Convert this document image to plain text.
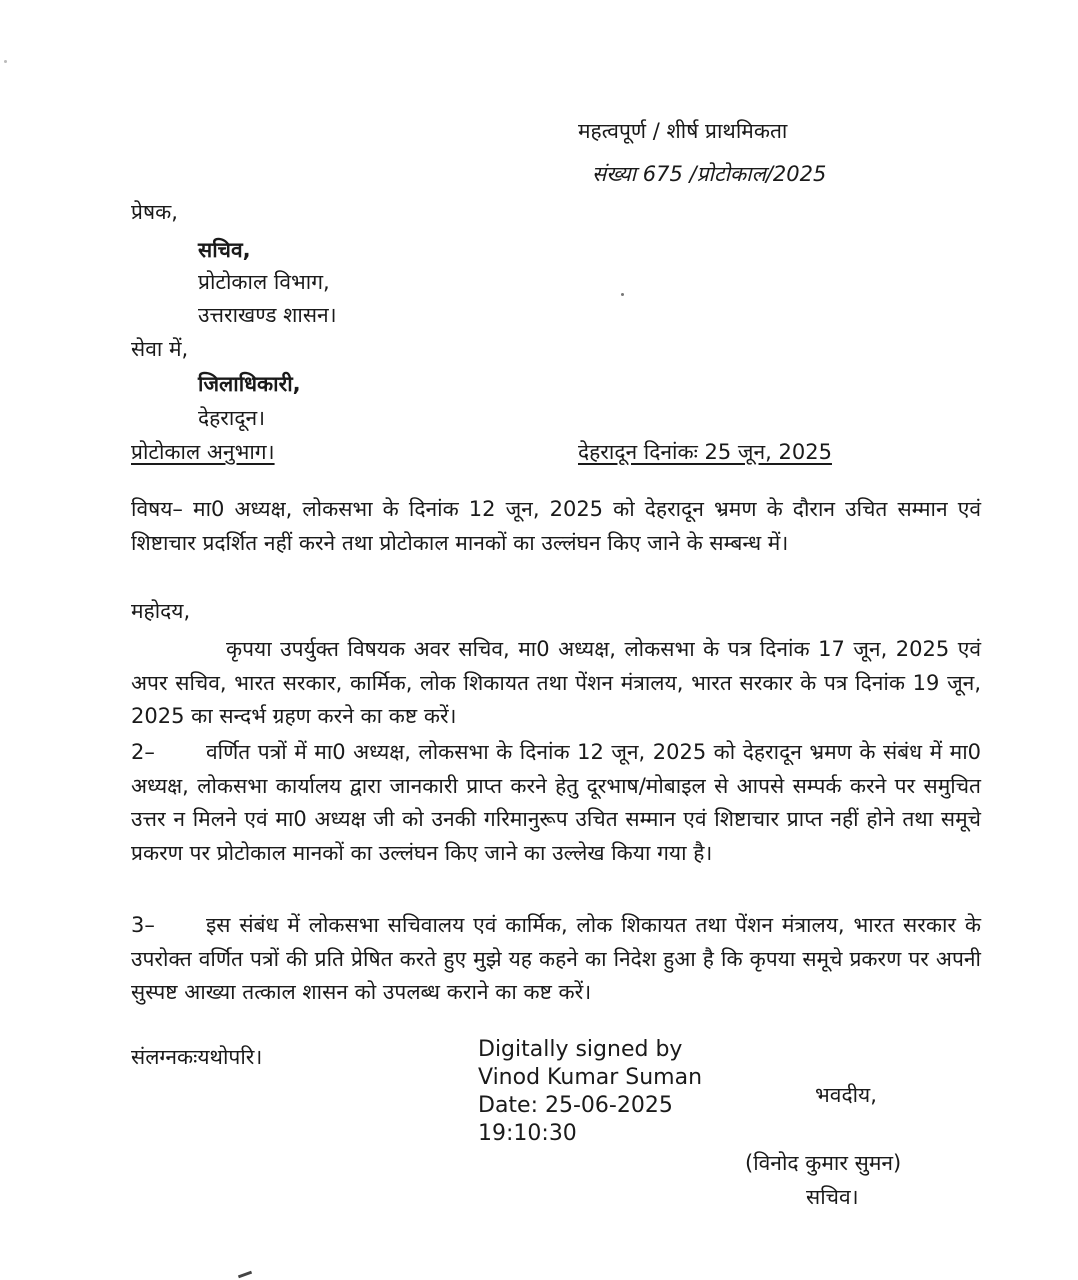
महत्वपूर्ण / शीर्ष प्राथमिकता
संख्या 675 /प्रोटोकाल/2025
प्रेषक,
सचिव,
प्रोटोकाल विभाग,
उत्तराखण्ड शासन।
सेवा में,
जिलाधिकारी,
देहरादून।
प्रोटोकाल अनुभाग।	देहरादून दिनांकः 25 जून, 2025
विषय– मा0 अध्यक्ष, लोकसभा के दिनांक 12 जून, 2025 को देहरादून भ्रमण के दौरान उचित सम्मान एवं शिष्टाचार प्रदर्शित नहीं करने तथा प्रोटोकाल मानकों का उल्लंघन किए जाने के सम्बन्ध में।
महोदय,
कृपया उपर्युक्त विषयक अवर सचिव, मा0 अध्यक्ष, लोकसभा के पत्र दिनांक 17 जून, 2025 एवं अपर सचिव, भारत सरकार, कार्मिक, लोक शिकायत तथा पेंशन मंत्रालय, भारत सरकार के पत्र दिनांक 19 जून, 2025 का सन्दर्भ ग्रहण करने का कष्ट करें।
2– वर्णित पत्रों में मा0 अध्यक्ष, लोकसभा के दिनांक 12 जून, 2025 को देहरादून भ्रमण के संबंध में मा0 अध्यक्ष, लोकसभा कार्यालय द्वारा जानकारी प्राप्त करने हेतु दूरभाष/मोबाइल से आपसे सम्पर्क करने पर समुचित उत्तर न मिलने एवं मा0 अध्यक्ष जी को उनकी गरिमानुरूप उचित सम्मान एवं शिष्टाचार प्राप्त नहीं होने तथा समूचे प्रकरण पर प्रोटोकाल मानकों का उल्लंघन किए जाने का उल्लेख किया गया है।
3– इस संबंध में लोकसभा सचिवालय एवं कार्मिक, लोक शिकायत तथा पेंशन मंत्रालय, भारत सरकार के उपरोक्त वर्णित पत्रों की प्रति प्रेषित करते हुए मुझे यह कहने का निदेश हुआ है कि कृपया समूचे प्रकरण पर अपनी सुस्पष्ट आख्या तत्काल शासन को उपलब्ध कराने का कष्ट करें।
संलग्नकःयथोपरि।	Digitally signed by
Vinod Kumar Suman
Date: 25-06-2025
19:10:30
भवदीय,
(विनोद कुमार सुमन)
सचिव।
